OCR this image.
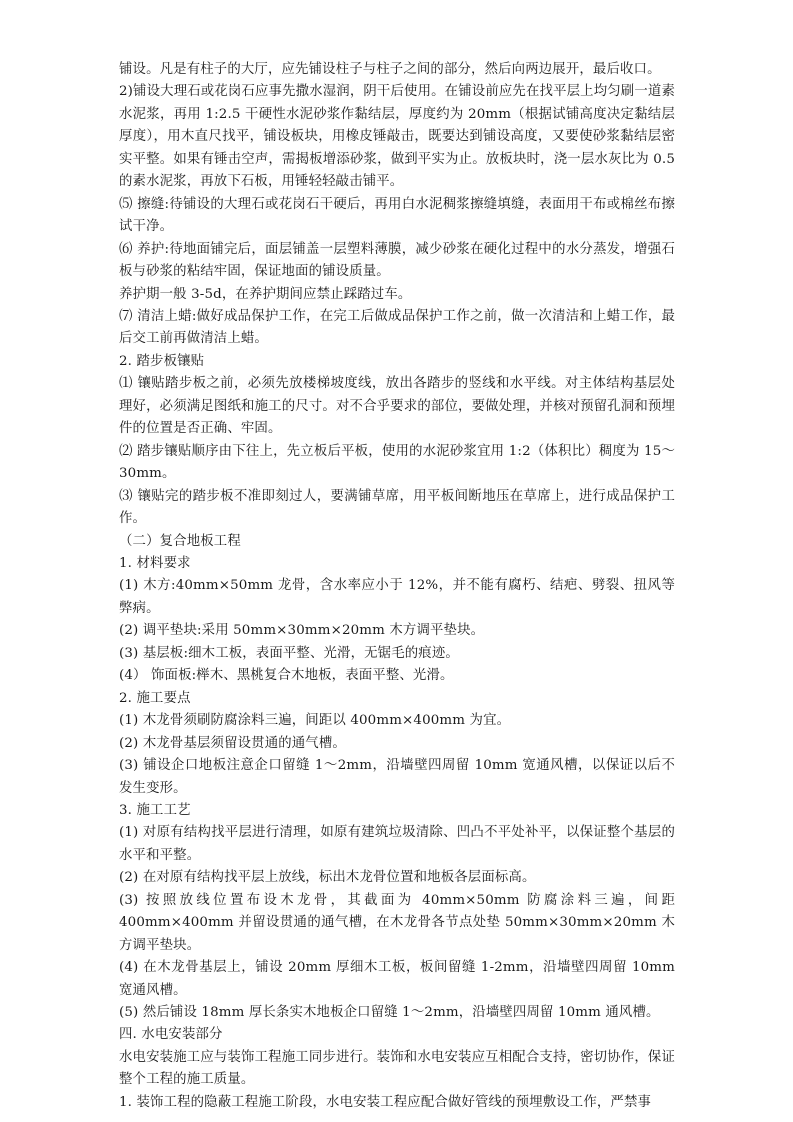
铺设。凡是有柱子的大厅，应先铺设柱子与柱子之间的部分，然后向两边展开，最后收口。

2)铺设大理石或花岗石应事先撒水湿润，阴干后使用。在铺设前应先在找平层上均匀刷一道素水泥浆，再用 1:2.5 干硬性水泥砂浆作黏结层，厚度约为 20mm（根据试铺高度决定黏结层厚度），用木直尺找平，铺设板块，用橡皮锤敲击，既要达到铺设高度，又要使砂浆黏结层密实平整。如果有锤击空声，需揭板增添砂浆，做到平实为止。放板块时，浇一层水灰比为 0.5 的素水泥浆，再放下石板，用锤轻轻敲击铺平。

⑸ 擦缝:待铺设的大理石或花岗石干硬后，再用白水泥稠浆擦缝填缝，表面用干布或棉丝布擦试干净。

⑹ 养护:待地面铺完后，面层铺盖一层塑料薄膜，减少砂浆在硬化过程中的水分蒸发，增强石板与砂浆的粘结牢固，保证地面的铺设质量。

养护期一般 3-5d，在养护期间应禁止踩踏过车。

⑺ 清洁上蜡:做好成品保护工作，在完工后做成品保护工作之前，做一次清洁和上蜡工作，最后交工前再做清洁上蜡。

2. 踏步板镶贴

⑴ 镶贴踏步板之前，必须先放楼梯坡度线，放出各踏步的竖线和水平线。对主体结构基层处理好，必须满足图纸和施工的尺寸。对不合乎要求的部位，要做处理，并核对预留孔洞和预埋件的位置是否正确、牢固。

⑵ 踏步镶贴顺序由下往上，先立板后平板，使用的水泥砂浆宜用 1:2（体积比）稠度为 15～30mm。

⑶ 镶贴完的踏步板不准即刻过人，要满铺草席，用平板间断地压在草席上，进行成品保护工作。

（二）复合地板工程

1. 材料要求

(1) 木方:40mm×50mm 龙骨，含水率应小于 12%，并不能有腐朽、结疤、劈裂、扭风等弊病。

(2) 调平垫块:采用 50mm×30mm×20mm 木方调平垫块。

(3) 基层板:细木工板，表面平整、光滑，无锯毛的痕迹。

(4） 饰面板:榉木、黑桃复合木地板，表面平整、光滑。

2. 施工要点

(1) 木龙骨须刷防腐涂料三遍，间距以 400mm×400mm 为宜。

(2) 木龙骨基层须留设贯通的通气槽。

(3) 铺设企口地板注意企口留缝 1～2mm，沿墙壁四周留 10mm 宽通风槽，以保证以后不发生变形。

3. 施工工艺

(1) 对原有结构找平层进行清理，如原有建筑垃圾清除、凹凸不平处补平，以保证整个基层的水平和平整。

(2) 在对原有结构找平层上放线，标出木龙骨位置和地板各层面标高。

(3) 按照放线位置布设木龙骨，其截面为 40mm×50mm 防腐涂料三遍，间距 400mm×400mm 并留设贯通的通气槽，在木龙骨各节点处垫 50mm×30mm×20mm 木方调平垫块。

(4) 在木龙骨基层上，铺设 20mm 厚细木工板，板间留缝 1-2mm，沿墙壁四周留 10mm 宽通风槽。

(5) 然后铺设 18mm 厚长条实木地板企口留缝 1～2mm，沿墙壁四周留 10mm 通风槽。

四. 水电安装部分

水电安装施工应与装饰工程施工同步进行。装饰和水电安装应互相配合支持，密切协作，保证整个工程的施工质量。

1. 装饰工程的隐蔽工程施工阶段，水电安装工程应配合做好管线的预埋敷设工作，严禁事
